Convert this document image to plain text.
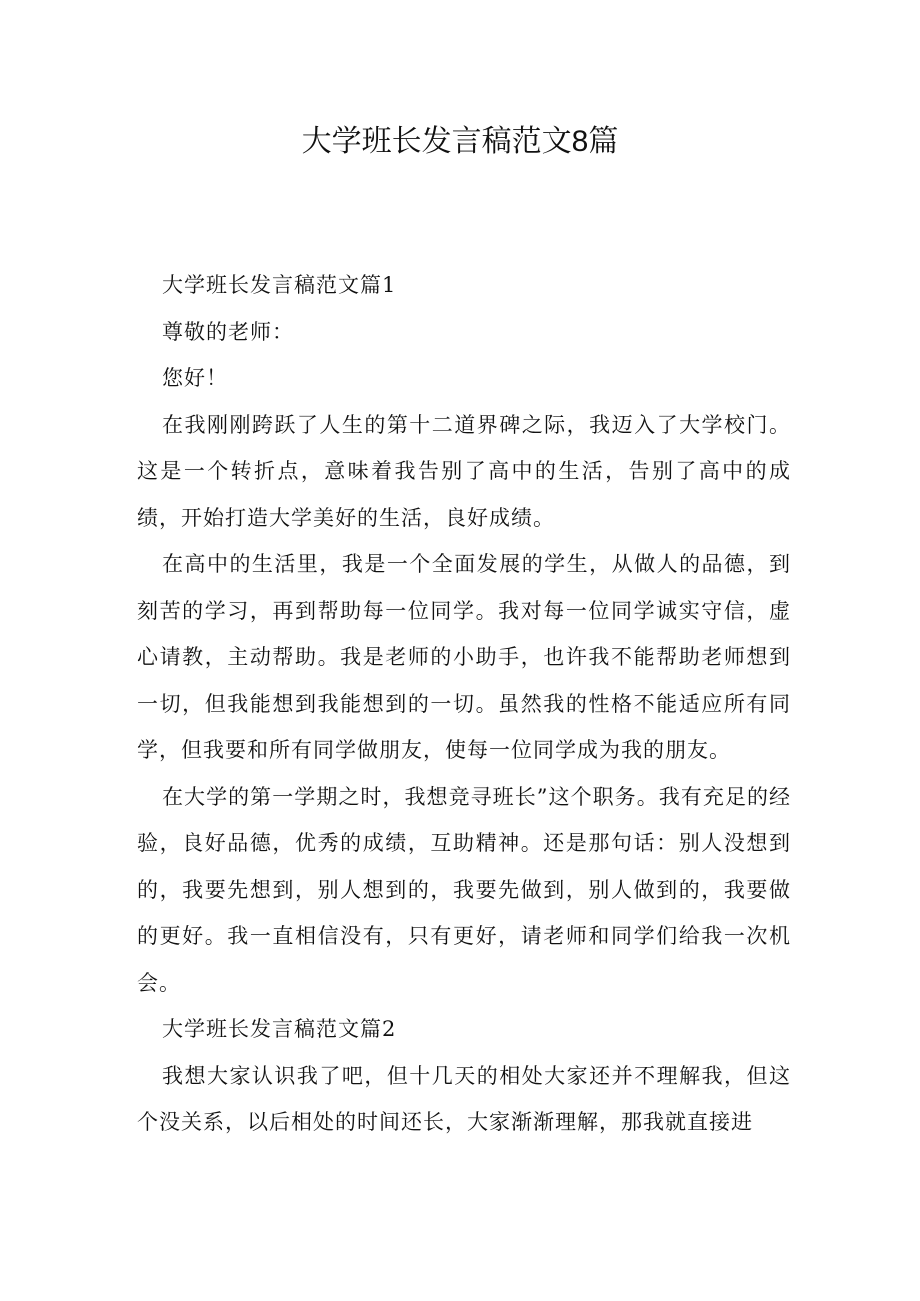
大学班长发言稿范文8篇

大学班长发言稿范文篇1

尊敬的老师：

您好！

在我刚刚跨跃了人生的第十二道界碑之际，我迈入了大学校门。这是一个转折点，意味着我告别了高中的生活，告别了高中的成绩，开始打造大学美好的生活，良好成绩。

在高中的生活里，我是一个全面发展的学生，从做人的品德，到刻苦的学习，再到帮助每一位同学。我对每一位同学诚实守信，虚心请教，主动帮助。我是老师的小助手，也许我不能帮助老师想到一切，但我能想到我能想到的一切。虽然我的性格不能适应所有同学，但我要和所有同学做朋友，使每一位同学成为我的朋友。

在大学的第一学期之时，我想竞寻班长”这个职务。我有充足的经验，良好品德，优秀的成绩，互助精神。还是那句话：别人没想到的，我要先想到，别人想到的，我要先做到，别人做到的，我要做的更好。我一直相信没有，只有更好，请老师和同学们给我一次机会。

大学班长发言稿范文篇2

我想大家认识我了吧，但十几天的相处大家还并不理解我，但这个没关系，以后相处的时间还长，大家渐渐理解，那我就直接进
